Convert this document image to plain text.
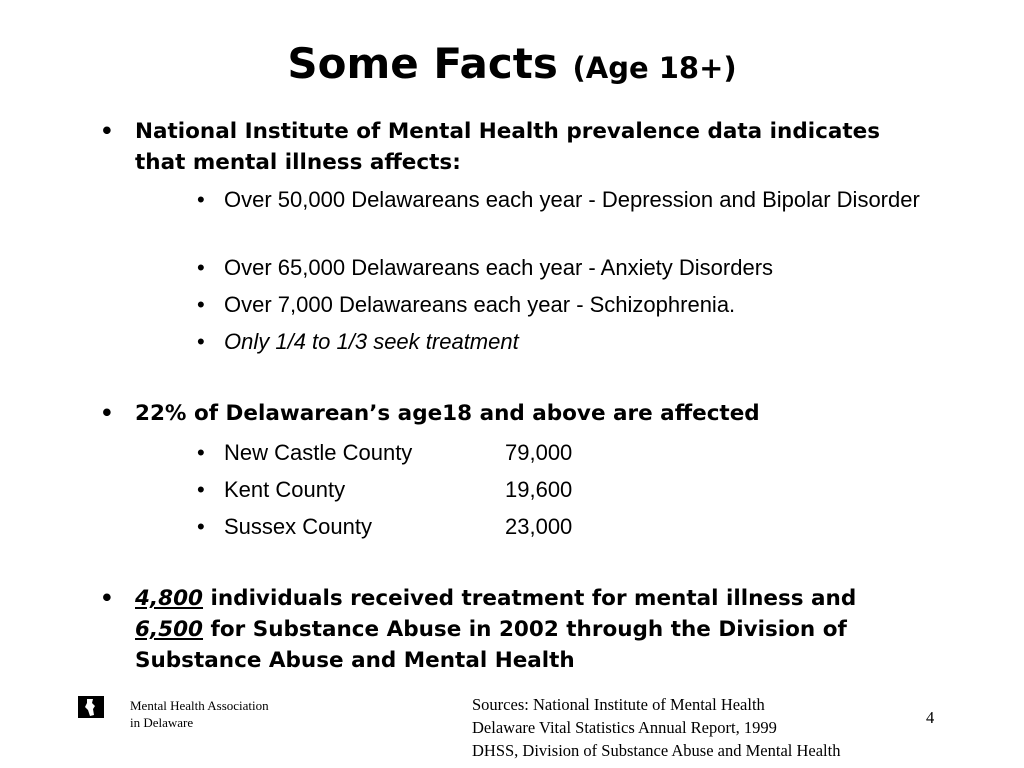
Some Facts (Age 18+)
• National Institute of Mental Health prevalence data indicates that mental illness affects:
• Over 50,000 Delawareans each year - Depression and Bipolar Disorder
• Over 65,000 Delawareans each year - Anxiety Disorders
• Over 7,000 Delawareans each year - Schizophrenia.
• Only 1/4 to 1/3 seek treatment
• 22% of Delawarean’s age18 and above are affected
• New Castle County	79,000
• Kent County	19,600
• Sussex County	23,000
• 4,800 individuals received treatment for mental illness and 6,500 for Substance Abuse in 2002 through the Division of Substance Abuse and Mental Health
Mental Health Association
in Delaware
Sources: National Institute of Mental Health
Delaware Vital Statistics Annual Report, 1999
DHSS, Division of Substance Abuse and Mental Health
4
